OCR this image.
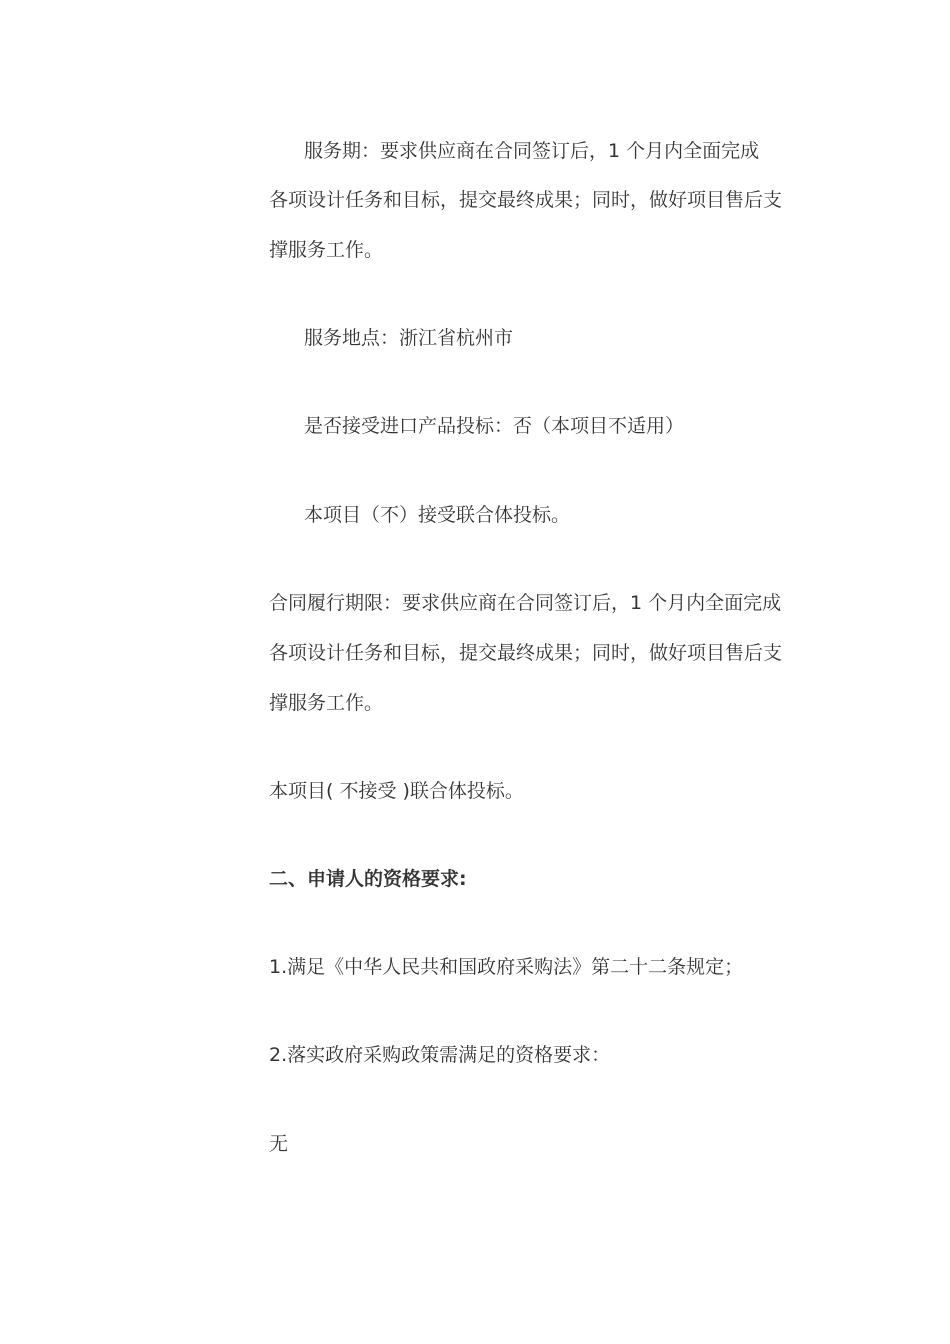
服务期：要求供应商在合同签订后，1 个月内全面完成
各项设计任务和目标，提交最终成果；同时，做好项目售后支
撑服务工作。
服务地点：浙江省杭州市
是否接受进口产品投标：否（本项目不适用）
本项目（不）接受联合体投标。
合同履行期限：要求供应商在合同签订后，1 个月内全面完成
各项设计任务和目标，提交最终成果；同时，做好项目售后支
撑服务工作。
本项目( 不接受 )联合体投标。
二、申请人的资格要求:
1.满足《中华人民共和国政府采购法》第二十二条规定；
2.落实政府采购政策需满足的资格要求：
无
